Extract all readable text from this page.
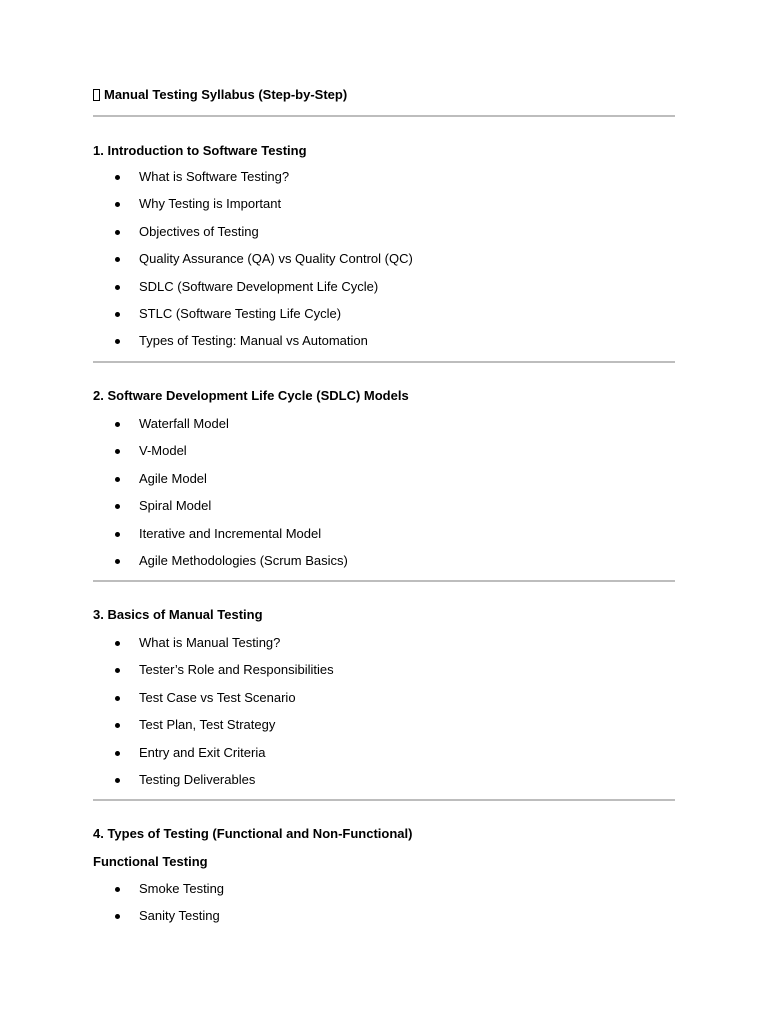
Manual Testing Syllabus (Step-by-Step)
1. Introduction to Software Testing
What is Software Testing?
Why Testing is Important
Objectives of Testing
Quality Assurance (QA) vs Quality Control (QC)
SDLC (Software Development Life Cycle)
STLC (Software Testing Life Cycle)
Types of Testing: Manual vs Automation
2. Software Development Life Cycle (SDLC) Models
Waterfall Model
V-Model
Agile Model
Spiral Model
Iterative and Incremental Model
Agile Methodologies (Scrum Basics)
3. Basics of Manual Testing
What is Manual Testing?
Tester’s Role and Responsibilities
Test Case vs Test Scenario
Test Plan, Test Strategy
Entry and Exit Criteria
Testing Deliverables
4. Types of Testing (Functional and Non-Functional)
Functional Testing
Smoke Testing
Sanity Testing
